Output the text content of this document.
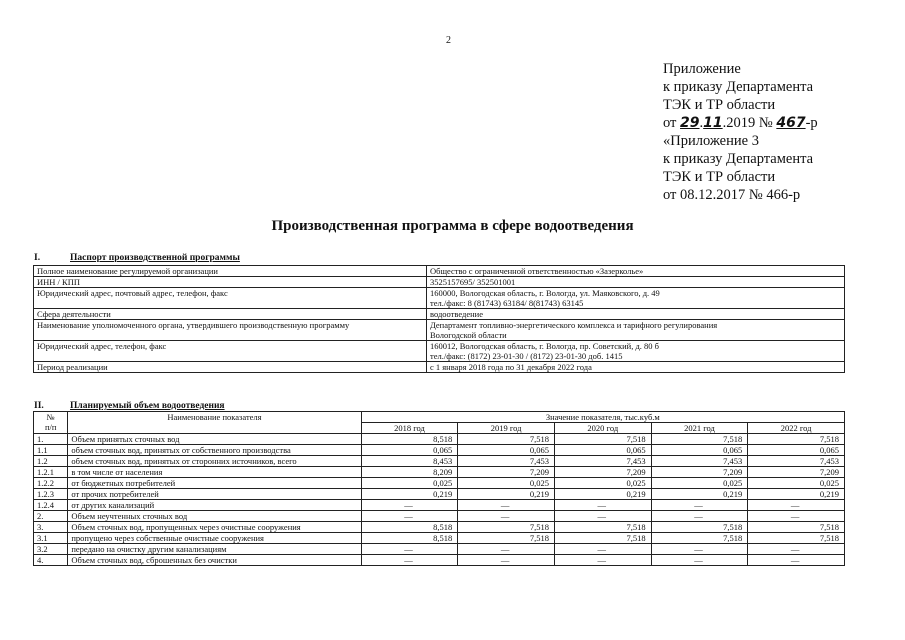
2
Приложение
к приказу Департамента
ТЭК и ТР области
от 29.11.2019 № 467-р
«Приложение 3
к приказу Департамента
ТЭК и ТР области
от 08.12.2017 № 466-р
Производственная программа в сфере водоотведения
I.	Паспорт производственной программы
Полное наименование регулируемой организации	Общество с ограниченной ответственностью «Зазерколье»
ИНН / КПП	3525157695/ 352501001
Юридический адрес, почтовый адрес, телефон, факс	160000, Вологодская область, г. Вологда, ул. Маяковского, д. 49
тел./факс: 8 (81743) 63184/ 8(81743) 63145

Сфера деятельности	водоотведение
Наименование уполномоченного органа, утвердившего производственную программу	Департамент топливно-энергетического комплекса и тарифного регулирования
Вологодской области

Юридический адрес, телефон, факс	160012, Вологодская область, г. Вологда, пр. Советский, д. 80 б
тел./факс: (8172) 23-01-30 / (8172) 23-01-30 доб. 1415

Период реализации	с 1 января 2018 года по 31 декабря 2022 года
II.	Планируемый объем водоотведения
№
п/п	Наименование показателя	Значение показателя, тыс.куб.м				
		2018 год	2019 год	2020 год	2021 год	2022 год
1.	Объем принятых сточных вод	8,518	7,518	7,518	7,518	7,518
1.1	объем сточных вод, принятых от собственного производства	0,065	0,065	0,065	0,065	0,065
1.2	объем сточных вод, принятых от сторонних источников, всего	8,453	7,453	7,453	7,453	7,453
1.2.1	в том числе от населения	8,209	7,209	7,209	7,209	7,209
1.2.2	от бюджетных потребителей	0,025	0,025	0,025	0,025	0,025
1.2.3	от прочих потребителей	0,219	0,219	0,219	0,219	0,219
1.2.4	от других канализаций	—	—	—	—	—
2.	Объем неучтенных сточных вод	—	—	—	—	—
3.	Объем сточных вод, пропущенных через очистные сооружения	8,518	7,518	7,518	7,518	7,518
3.1	пропущено через собственные очистные сооружения	8,518	7,518	7,518	7,518	7,518
3.2	передано на очистку другим канализациям	—	—	—	—	—
4.	Объем сточных вод, сброшенных без очистки	—	—	—	—	—
